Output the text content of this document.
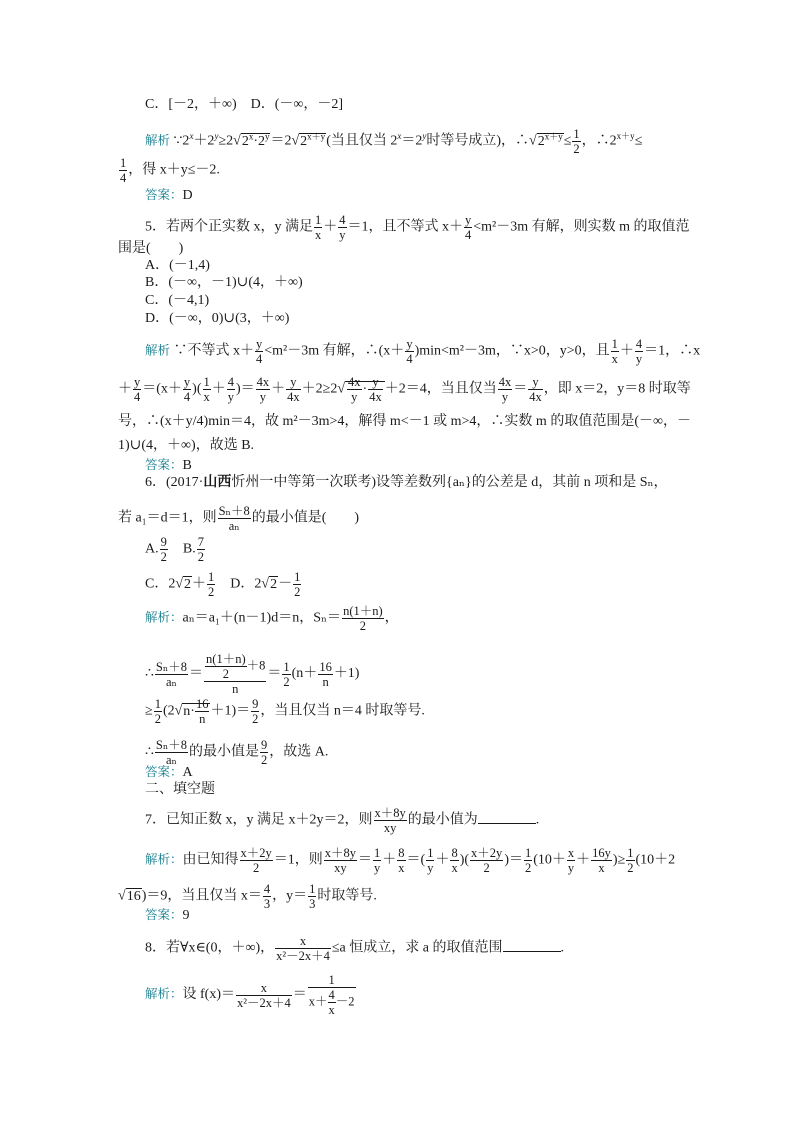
C．[－2，＋∞)　D．(－∞，－2]
解析 $\because 2^x+2^y\ge 2√2^x\cdot 2^y=2√2^{x+y}$(当且仅当 $2^x=2^y$时等号成立)，$\therefore√2^{x+y}\le \frac{1}{2}$ ，$\therefore 2^{x+y}\le$
$\frac{1}{4}$ ，得 x＋y≤－2.
答案：D
5．若两个正实数 x，y 满足 $\frac{1}{x} + \frac{4}{y} =1$，且不等式 $x+ \frac{y}{4} <m^2-3m$ 有解，则实数 m 的取值范
围是(　　)
A．(－1,4)
B．(－∞，－1)∪(4，＋∞)
C．(－4,1)
D．(－∞，0)∪(3，＋∞)
解析 ∵不等式 $x+ \frac{y}{4} <m^2-3m$ 有解，∴(x＋ $\frac{y}{4} )\min<m^2-3m$，∵x>0，y>0，且 $\frac{1}{x} + \frac{4}{y} =1$，∴x
＋ $\frac{y}{4} =(x+ \frac{y}{4}$ )( $\frac{1}{x} + \frac{4}{y}$ )＝ $\frac{4x}{y} + \frac{y}{4x} +2\ge 2√ \frac{4x}{y} \cdot \frac{y}{4x} +2=4$，当且仅当 $\frac{4x}{y} = \frac{y}{4x}$ ，即 x＝2，y＝8 时取等
号，∴(x＋y/4)min＝4，故 m²－3m>4，解得 m<－1 或 m>4，∴实数 m 的取值范围是(－∞，－
1)∪(4，＋∞)，故选 B.
答案：B
6．(2017·山西忻州一中等第一次联考)设等差数列{aₙ}的公差是 d，其前 n 项和是 Sₙ，
若 a₁＝d＝1，则 $\frac{\text{Sₙ＋8}}{\text{aₙ}}$ 的最小值是(　　)
A. $\frac{9}{2}$
　 B. $\frac{7}{2}$
C．$2√2+ \frac{1}{2}$
　 D．$2√2- \frac{1}{2}$
解析：aₙ＝a₁＋(n－1)d＝n，$S_n= \frac{n(1+n)}{2}$ ，
∴ $\frac{\text{Sₙ＋8}}{\text{aₙ}} = \frac{\frac{n(1+n)}{2} +8}{n} = \frac{1}{2} (n+ \frac{16}{n} +1)$
≥ $\frac{1}{2} (2√n\cdot \frac{16}{n} +1)= \frac{9}{2}$ ，当且仅当 n＝4 时取等号.
∴ $\frac{\text{Sₙ＋8}}{\text{aₙ}}$ 的最小值是 $\frac{9}{2}$ ，故选 A.
答案：A
二、填空题
7．已知正数 x，y 满足 x＋2y＝2，则 $\frac{x+8y}{xy}$ 的最小值为	.
解析：由已知得 $\frac{x+2y}{2} =1$，则 $\frac{x+8y}{xy} = \frac{1}{y} + \frac{8}{x}$ ＝( $\frac{1}{y} + \frac{8}{x}$ )( $\frac{x+2y}{2}$ )＝ $\frac{1}{2} (10+ \frac{x}{y} + \frac{16y}{x}$ )≥ $\frac{1}{2} (10+2$
√16)＝9，当且仅当 $x= \frac{4}{3}$ ，$y= \frac{1}{3}$ 时取等号.
答案：9
8．若∀x∈(0，＋∞)， $\frac{x}{\text{x²－2x＋4}} \le a$ 恒成立，求 a 的取值范围	.
解析：设 $f(x)= \frac{x}{\text{x²－2x＋4}} = \frac{1}{x+ \frac{4}{x} -2}$
